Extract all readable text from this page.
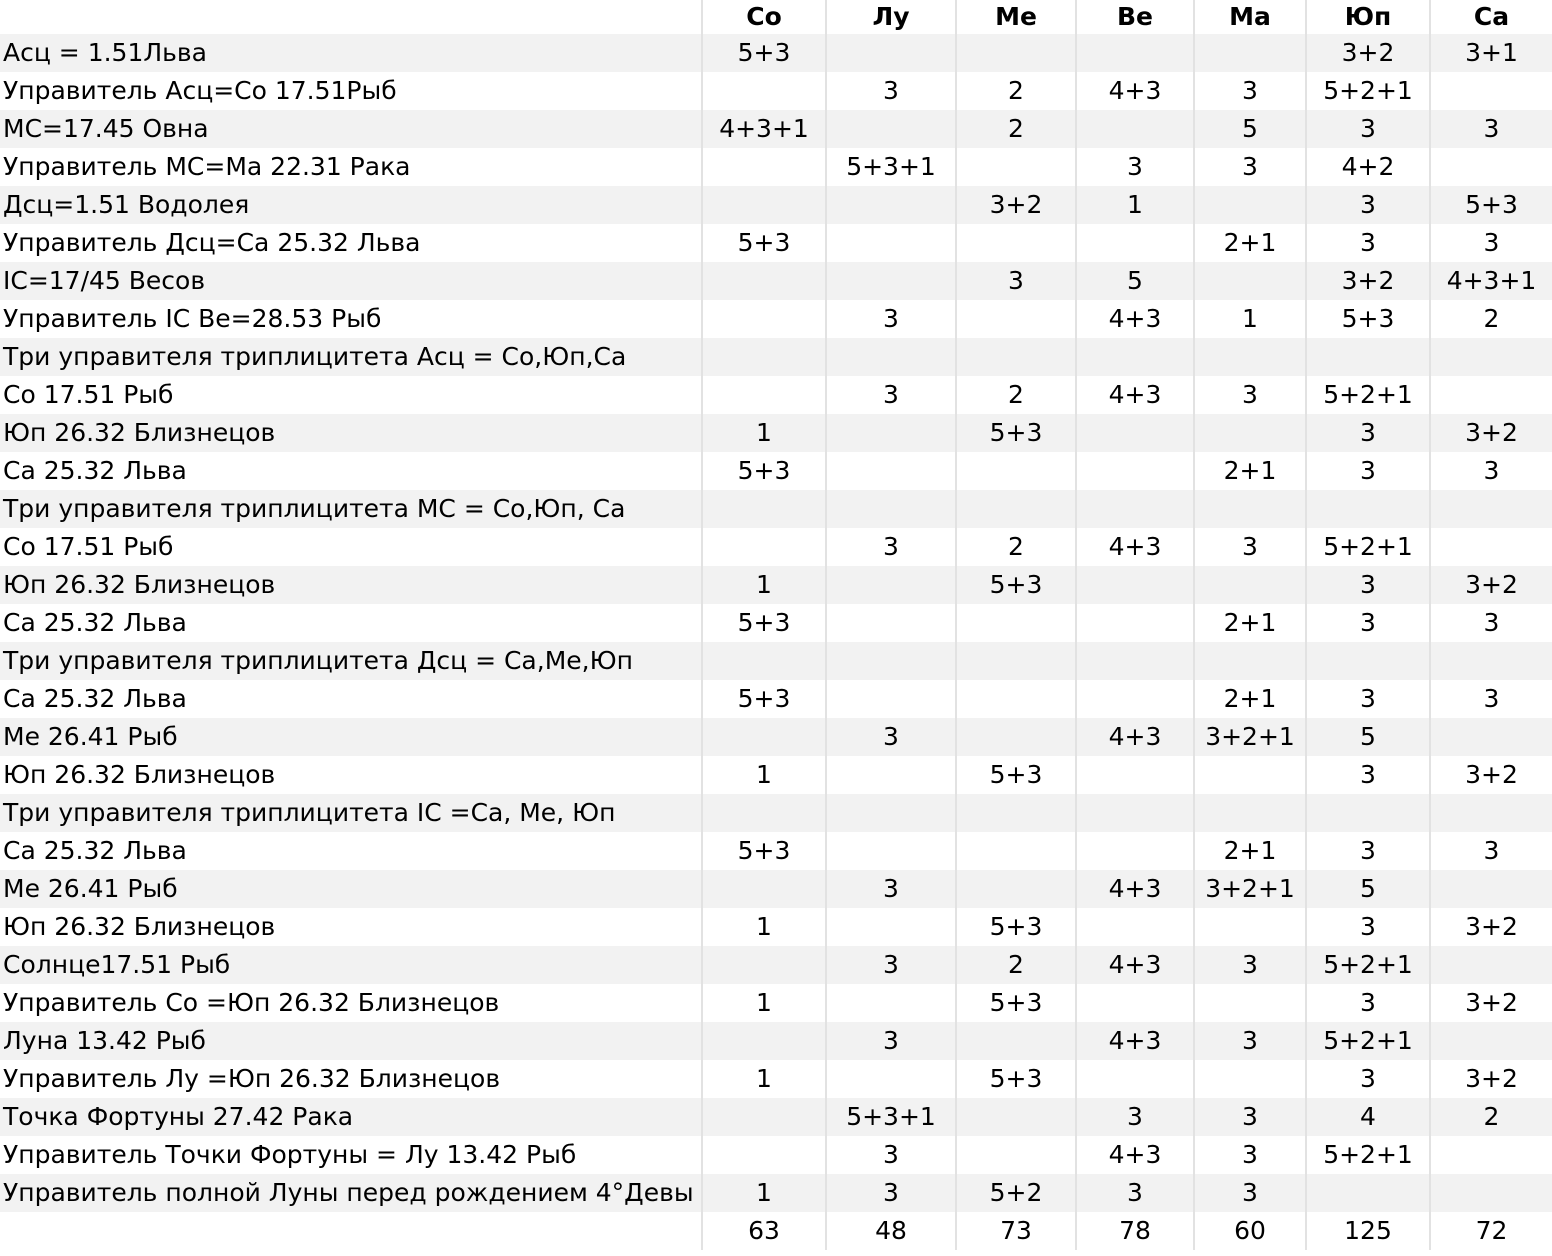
	Со	Лу	Ме	Ве	Ма	Юп	Са
Асц = 1.51Льва	5+3					3+2	3+1
Управитель Асц=Со 17.51Рыб		3	2	4+3	3	5+2+1	
МС=17.45 Овна	4+3+1		2		5	3	3
Управитель МС=Ма 22.31 Рака		5+3+1		3	3	4+2	
Дсц=1.51 Водолея			3+2	1		3	5+3
Управитель Дсц=Са 25.32 Льва	5+3				2+1	3	3
IC=17/45 Весов			3	5		3+2	4+3+1
Управитель IC Ве=28.53 Рыб		3		4+3	1	5+3	2
Три управителя триплицитета Асц = Со,Юп,Са							
Со 17.51 Рыб		3	2	4+3	3	5+2+1	
Юп 26.32 Близнецов	1		5+3			3	3+2
Са 25.32 Льва	5+3				2+1	3	3
Три управителя триплицитета МС = Со,Юп, Са							
Со 17.51 Рыб		3	2	4+3	3	5+2+1	
Юп 26.32 Близнецов	1		5+3			3	3+2
Са 25.32 Льва	5+3				2+1	3	3
Три управителя триплицитета Дсц = Са,Ме,Юп							
Са 25.32 Льва	5+3				2+1	3	3
Ме 26.41 Рыб		3		4+3	3+2+1	5	
Юп 26.32 Близнецов	1		5+3			3	3+2
Три управителя триплицитета IC =Са, Ме, Юп							
Са 25.32 Льва	5+3				2+1	3	3
Ме 26.41 Рыб		3		4+3	3+2+1	5	
Юп 26.32 Близнецов	1		5+3			3	3+2
Солнце17.51 Рыб		3	2	4+3	3	5+2+1	
Управитель Со =Юп 26.32 Близнецов	1		5+3			3	3+2
Луна 13.42 Рыб		3		4+3	3	5+2+1	
Управитель Лу =Юп 26.32 Близнецов	1		5+3			3	3+2
Точка Фортуны 27.42 Рака		5+3+1		3	3	4	2
Управитель Точки Фортуны = Лу 13.42 Рыб		3		4+3	3	5+2+1	
Управитель полной Луны перед рождением 4°Девы	1	3	5+2	3	3		
	63	48	73	78	60	125	72
